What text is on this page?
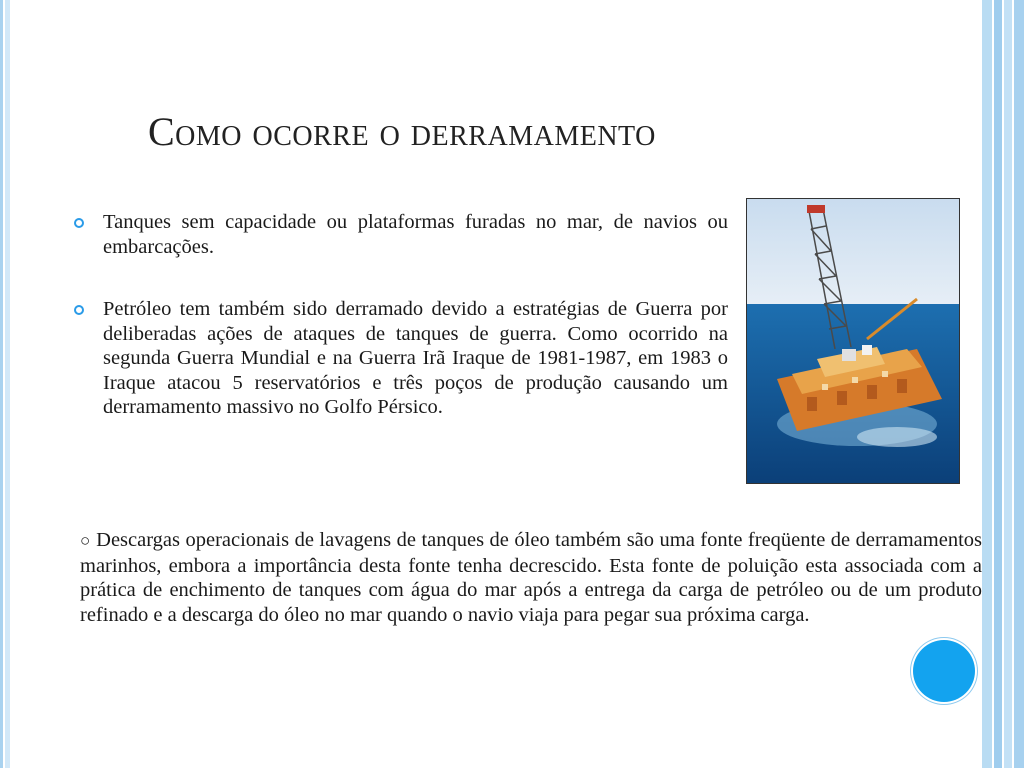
Como ocorre o derramamento
Tanques sem capacidade ou plataformas furadas no mar, de navios ou embarcações.
Petróleo tem também sido derramado devido a estratégias de Guerra por deliberadas ações de ataques de tanques de guerra. Como ocorrido na segunda Guerra Mundial e na Guerra Irã Iraque de 1981-1987, em 1983 o Iraque atacou 5 reservatórios e três poços de produção causando um derramamento massivo no Golfo Pérsico.

○ Descargas operacionais de lavagens de tanques de óleo também são uma fonte freqüente de derramamentos marinhos, embora a importância desta fonte tenha decrescido. Esta fonte de poluição esta associada com a prática de enchimento de tanques com água do mar após a entrega da carga de petróleo ou de um produto refinado e a descarga do óleo no mar quando o navio viaja para pegar sua próxima carga.
